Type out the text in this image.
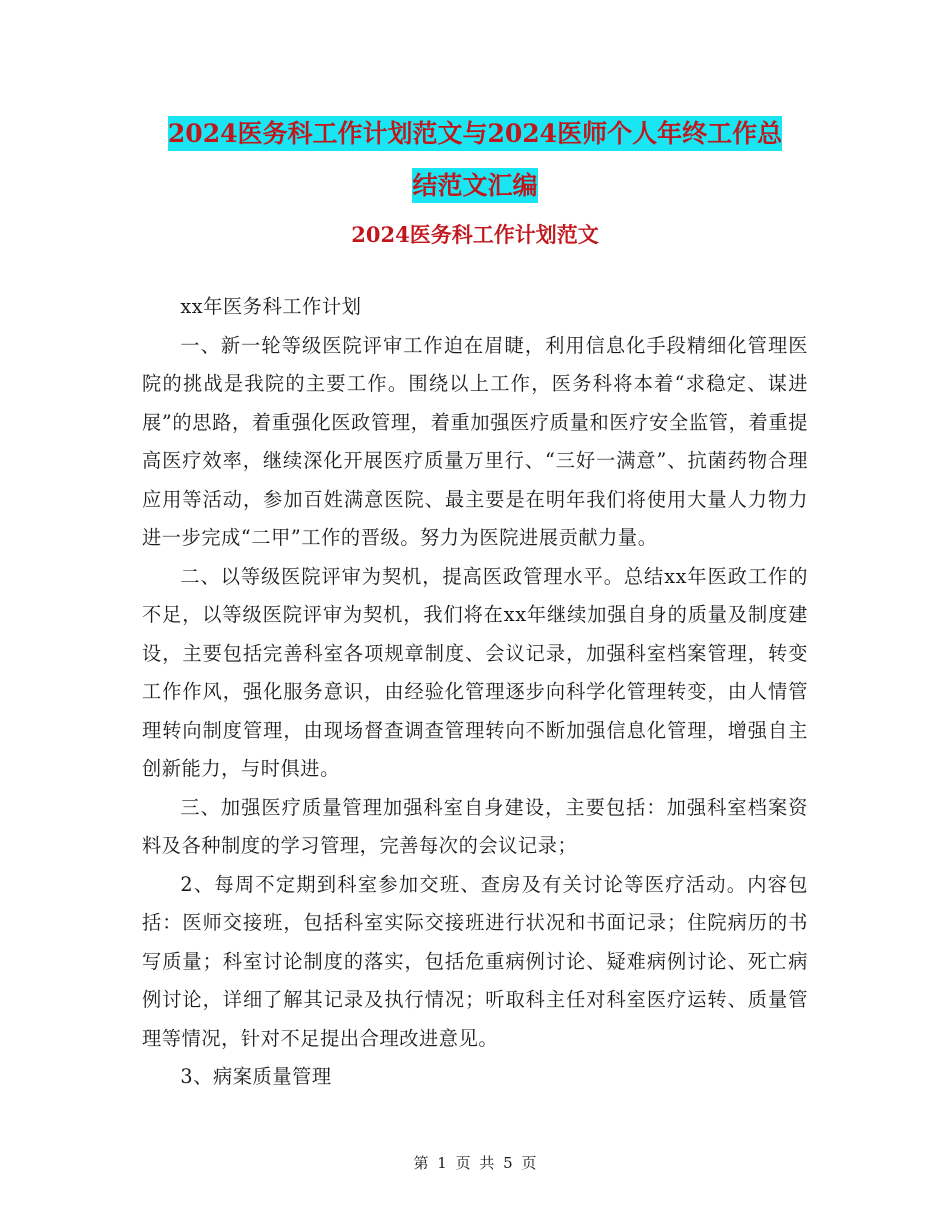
2024医务科工作计划范文与2024医师个人年终工作总
结范文汇编
2024医务科工作计划范文

xx年医务科工作计划

一、新一轮等级医院评审工作迫在眉睫，利用信息化手段精细化管理医院的挑战是我院的主要工作。围绕以上工作，医务科将本着“求稳定、谋进展”的思路，着重强化医政管理，着重加强医疗质量和医疗安全监管，着重提高医疗效率，继续深化开展医疗质量万里行、“三好一满意”、抗菌药物合理应用等活动，参加百姓满意医院、最主要是在明年我们将使用大量人力物力进一步完成“二甲”工作的晋级。努力为医院进展贡献力量。

二、以等级医院评审为契机，提高医政管理水平。总结xx年医政工作的不足，以等级医院评审为契机，我们将在xx年继续加强自身的质量及制度建设，主要包括完善科室各项规章制度、会议记录，加强科室档案管理，转变工作作风，强化服务意识，由经验化管理逐步向科学化管理转变，由人情管理转向制度管理，由现场督查调查管理转向不断加强信息化管理，增强自主创新能力，与时俱进。

三、加强医疗质量管理加强科室自身建设，主要包括：加强科室档案资料及各种制度的学习管理，完善每次的会议记录；

2、每周不定期到科室参加交班、查房及有关讨论等医疗活动。内容包括：医师交接班，包括科室实际交接班进行状况和书面记录；住院病历的书写质量；科室讨论制度的落实，包括危重病例讨论、疑难病例讨论、死亡病例讨论，详细了解其记录及执行情况；听取科主任对科室医疗运转、质量管理等情况，针对不足提出合理改进意见。

3、病案质量管理

第 1 页 共 5 页
